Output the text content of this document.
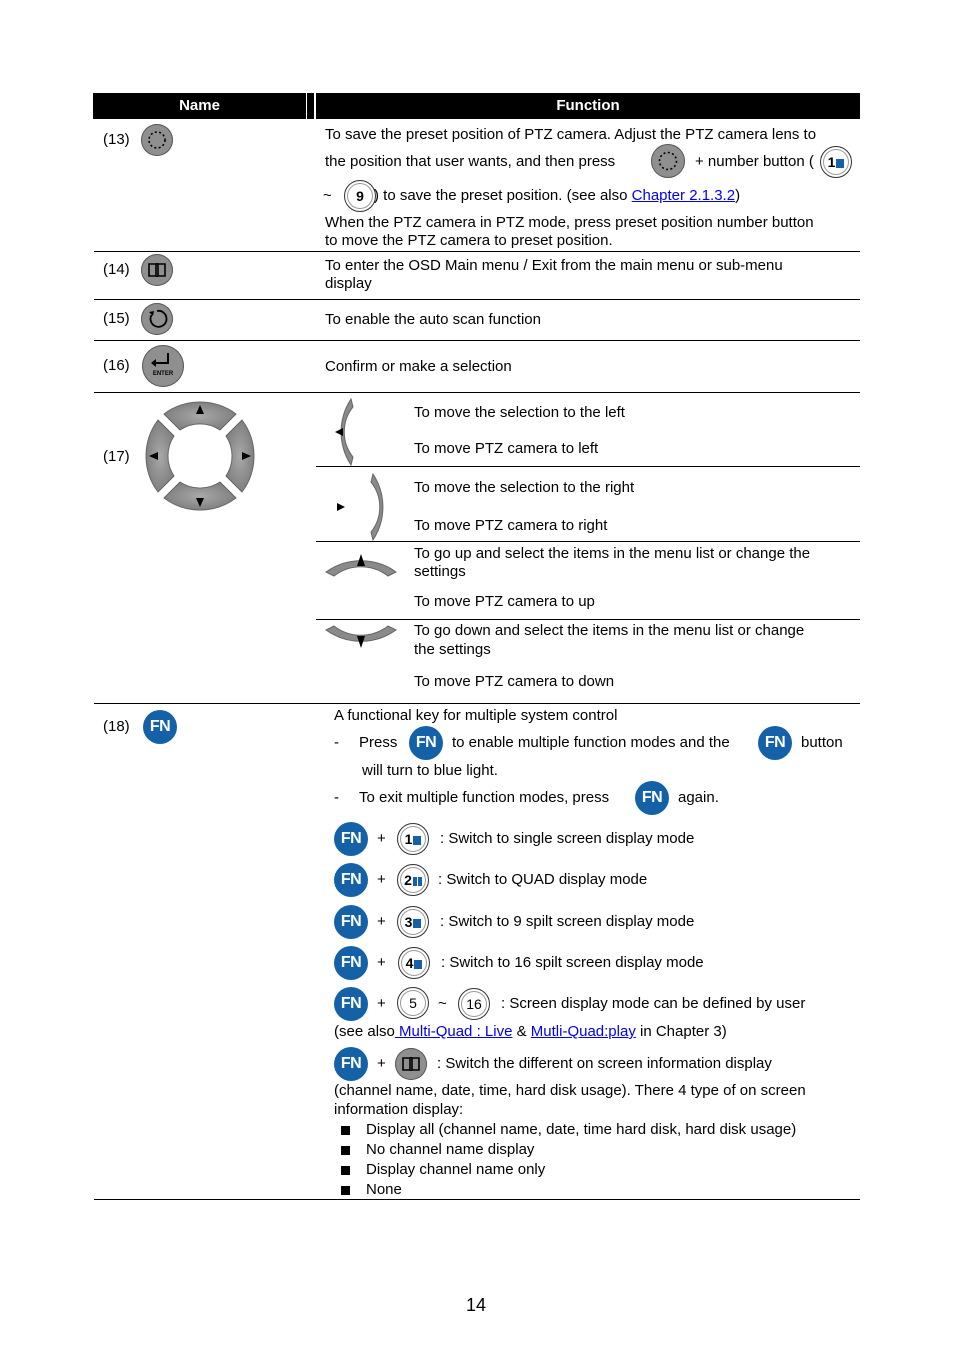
Name	Function
(13)	To save the preset position of PTZ camera. Adjust the PTZ camera lens to
the position that user wants, and then press	+ number button ( 1
~	9 ) to save the preset position. (see also Chapter 2.1.3.2)
When the PTZ camera in PTZ mode, press preset position number button
to move the PTZ camera to preset position.
(14)	To enter the OSD Main menu / Exit from the main menu or sub-menu
display
(15)	To enable the auto scan function
(16)	ENTER	Confirm or make a selection
(17)
To move the selection to the left
To move PTZ camera to left
To move the selection to the right
To move PTZ camera to right
To go up and select the items in the menu list or change the
settings
To move PTZ camera to up
To go down and select the items in the menu list or change
the settings
To move PTZ camera to down
(18)	FN
A functional key for multiple system control
- Press	FN	to enable multiple function modes and the	FN	button
will turn to blue light.
- To exit multiple function modes, press	FN	again.
FN	+	1	: Switch to single screen display mode
FN	+	2	: Switch to QUAD display mode
FN	+	3	: Switch to 9 spilt screen display mode
FN	+	4	: Switch to 16 spilt screen display mode
FN	+	5	~	16	: Screen display mode can be defined by user
(see also Multi-Quad : Live & Mutli-Quad:play in Chapter 3)
FN	+	: Switch the different on screen information display
(channel name, date, time, hard disk usage). There 4 type of on screen
information display:
Display all (channel name, date, time hard disk, hard disk usage)
No channel name display
Display channel name only
None
14
